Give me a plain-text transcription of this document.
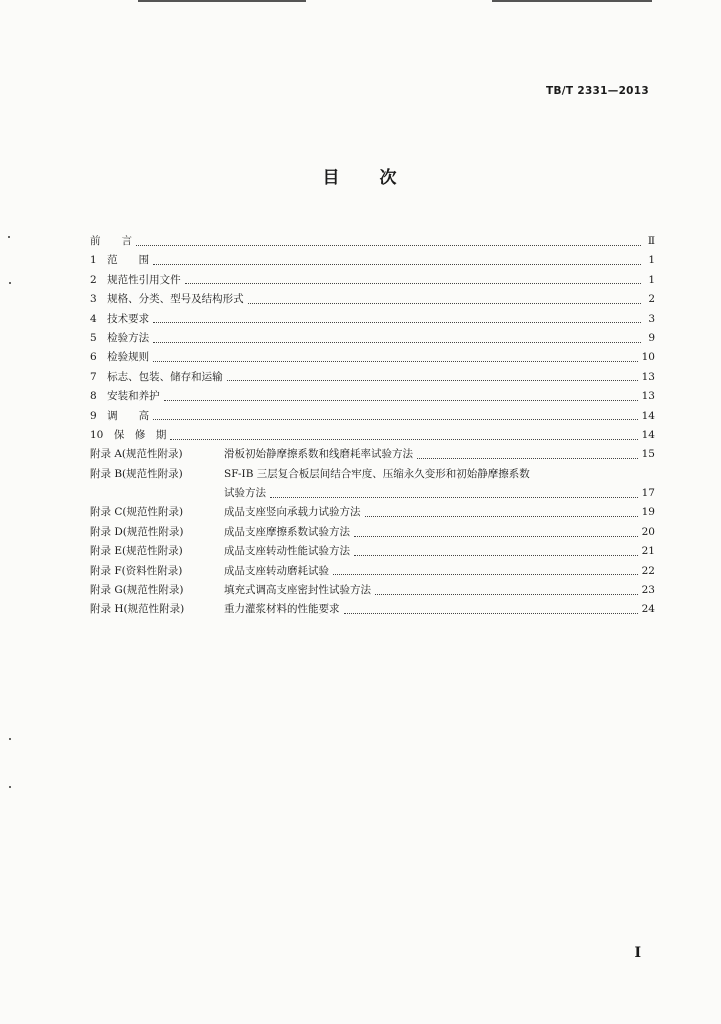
TB/T 2331—2013
目　　次
前　　言	Ⅱ
1　范　　围	1
2　规范性引用文件	1
3　规格、分类、型号及结构形式	2
4　技术要求	3
5　检验方法	9
6　检验规则	10
7　标志、包装、储存和运输	13
8　安装和养护	13
9　调　　高	14
10　保　修　期	14
附录 A(规范性附录)	滑板初始静摩擦系数和线磨耗率试验方法	15
附录 B(规范性附录)	SF-IB 三层复合板层间结合牢度、压缩永久变形和初始静摩擦系数
试验方法	17
附录 C(规范性附录)	成品支座竖向承载力试验方法	19
附录 D(规范性附录)	成品支座摩擦系数试验方法	20
附录 E(规范性附录)	成品支座转动性能试验方法	21
附录 F(资料性附录)	成品支座转动磨耗试验	22
附录 G(规范性附录)	填充式调高支座密封性试验方法	23
附录 H(规范性附录)	重力灌浆材料的性能要求	24
I
